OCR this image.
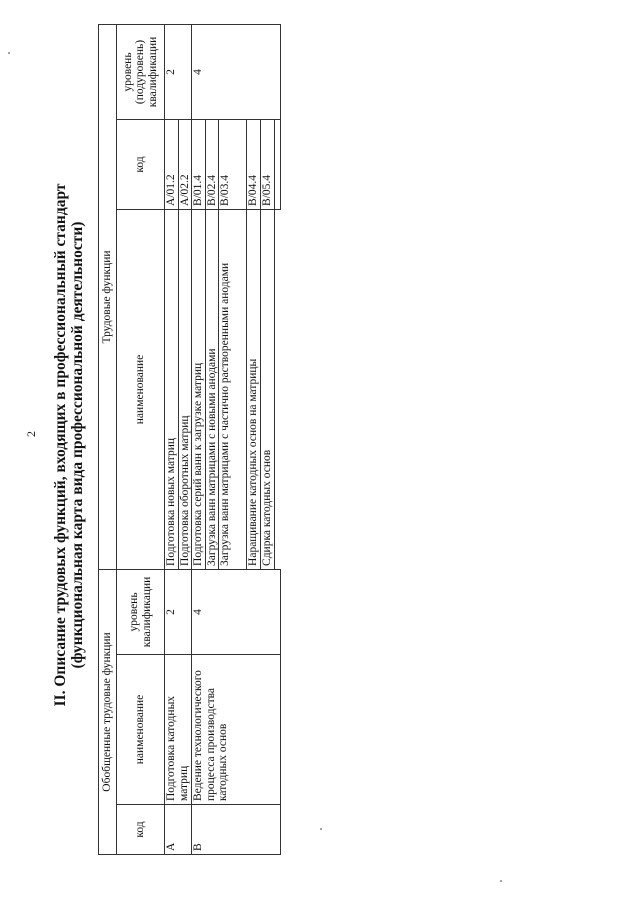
2 II. Описание трудовых функций, входящих в профессиональный стандарт (функциональная карта вида профессиональной деятельности)
Обобщенные трудовые функции			Трудовые функции		
код	наименование	уровень квалификации	наименование	код	уровень (подуровень) квалификации
A	Подготовка катодных матриц	2	Подготовка новых матриц	A/01.2	2
			Подготовка оборотных матриц	A/02.2	
B	Ведение технологического процесса производства катодных основ	4	Подготовка серий ванн к загрузке матриц	B/01.4	4
			Загрузка ванн матрицами с новыми анодами	B/02.4	
			Загрузка ванн матрицами с частично растворенными анодами	B/03.4	
			Наращивание катодных основ на матрицы	B/04.4	
			Сдирка катодных основ	B/05.4	
